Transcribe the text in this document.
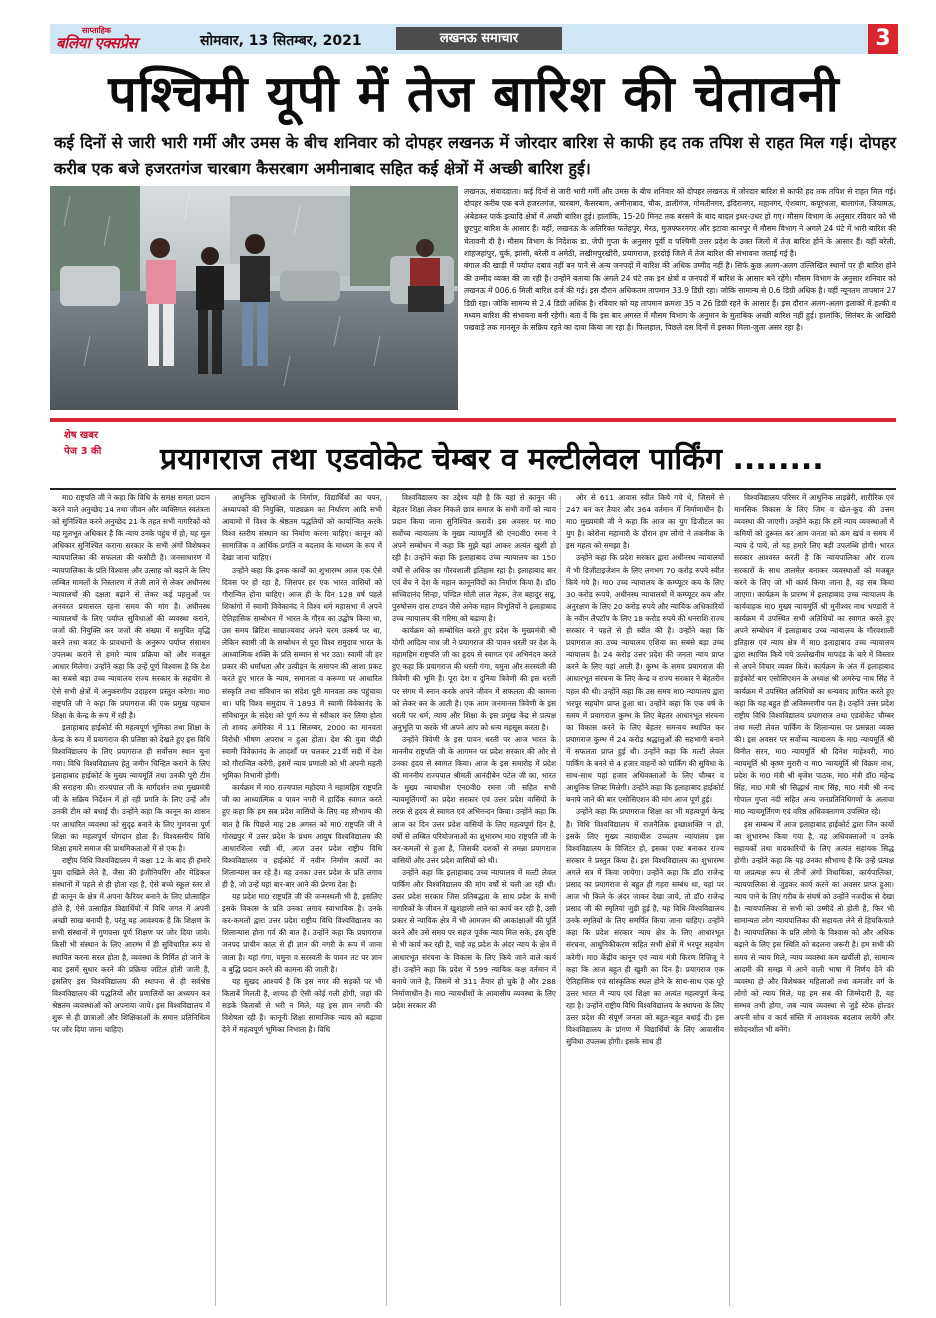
साप्ताहिक
बलिया एक्सप्रेस	सोमवार, 13 सितम्बर, 2021	लखनऊ समाचार	3
पश्चिमी यूपी में तेज बारिश की चेतावनी
कई दिनों से जारी भारी गर्मी और उमस के बीच शनिवार को दोपहर लखनऊ में जोरदार बारिश से काफी हद तक तपिश से राहत मिल गई। दोपहर करीब एक बजे हजरतगंज चारबाग कैसरबाग अमीनाबाद सहित कई क्षेत्रों में अच्छी बारिश हुई।
लखनऊ, संवाददाता। कई दिनों से जारी भारी गर्मी और उमस के बीच शनिवार को दोपहर लखनऊ में जोरदार बारिश से काफी हद तक तपिश से राहत मिल गई। दोपहर करीब एक बजे हजरतगंज, चारबाग, कैसरबाग, अमीनाबाद, चौक, डालीगंज, गोमतीनगर, इंदिरानगर, महानगर, ऐशबाग, कपूरथला, बालागंज, जियामऊ, अंबेडकर पार्क इत्यादि क्षेत्रों में अच्छी बारिश हुई। हालांकि, 15-20 मिनट तक बरसने के बाद बादल इधर-उधर हो गए। मौसम विभाग के अनुसार रविवार को भी छुटपुट बारिश के आसार हैं। वहीं, लखनऊ के अतिरिक्त फतेहपुर, मेरठ, मुजफ्फरनगर और इटावा कानपुर में मौसम विभाग ने अगले 24 घंटे में भारी बारिश की चेतावनी दी है। मौसम विभाग के निदेशक डा. जेपी गुप्ता के अनुसार पूर्वी व पश्चिमी उत्तर प्रदेश के उक्त जिलों में तेज बारिश होने के आसार हैं। वहीं बरेली, शाहजहांपुर, चुर्क, झांसी, बरेली व अमेठी, लखीमपुरखीरी, प्रयागराज, हरदोई जिले में तेज बारिश की संभावना जताई गई है।
बंगाल की खाड़ी में पर्याप्त दबाव नहीं बन पाने से अन्य जनपदों में बारिश की अधिक उम्मीद नहीं है। सिर्फ कुछ अलग-अलग उल्लिखित स्थानों पर ही बारिश होने की उम्मीद व्यक्त की जा रही है। उन्होंने बताया कि अगले 24 घंटे तक इन क्षेत्रों व जनपदों में बारिश के आसार बने रहेंगे। मौसम विभाग के अनुसार शनिवार को लखनऊ में 006.6 मिली बारिश दर्ज की गई। इस दौरान अधिकतम तापमान 33.9 डिग्री रहा। जोकि सामान्य से 0.6 डिग्री अधिक है। वहीं न्यूनतम तापमान 27 डिग्री रहा। जोकि सामन्य से 2.4 डिग्री अधिक है। रविवार को यह तापमान क्रमशः 35 व 26 डिग्री रहने के आसार हैं। इस दौरान अलग-अलग इलाकों में हल्की व मध्यम बारिश की संभावना बनी रहेगी। बता दें कि इस बार अगस्त में मौसम विभाग के अनुमान के मुताबिक अच्छी बारिश नहीं हुई। हालांकि, सितंबर के आखिरी पखवाड़े तक मानसून के सक्रिय रहने का दावा किया जा रहा है। फिलहाल, पिछले दस दिनों में इसका मिला-जुला असर रहा है।
शेष खबर
पेज 3 की	प्रयागराज तथा एडवोकेट चेम्बर व मल्टीलेवल पार्किंग ........

मा0 राष्ट्रपति जी ने कहा कि विधि के समक्ष समता प्रदान करने वाले अनुच्छेद 14 तथा जीवन और व्यक्तिगत स्वतंत्रता को सुनिश्चित करने अनुच्छेद 21 के तहत सभी नागरिकों को यह मूलभूत अधिकार है कि न्याय उनके पहुंच में हो, यह मूल अधिकार सुनिश्चित कराना सरकार के सभी अंगों विशेषकर न्यायपालिका की सफलता की कसौटी है। जनसाधारण में न्यायपालिका के प्रति विश्वास और उत्साह को बढ़ाने के लिए लम्बित मामलों के निस्तारण में तेजी लाने से लेकर अधीनस्थ न्यायालयों की दक्षता बढ़ाने से लेकर कई पहलुओं पर अनवरत प्रयासरत रहना समय की मांग है। अधीनस्थ न्यायालयों के लिए पर्याप्त सुविधाओं की व्यवस्था कराने, जजों की नियुक्ति कर जजों की संख्या में समुचित वृद्धि करने तथा बजट के प्रावधानों के अनुरूप पर्याप्त संसाधन उपलब्ध कराने से हमारे न्याय प्रक्रिया को और मजबूत आधार मिलेगा। उन्होंने कहा कि उन्हें पूर्ण विश्वास है कि देश का सबसे बड़ा उच्च न्यायालय राज्य सरकार के सहयोग से ऐसे सभी क्षेत्रों में अनुकरणीय उदाहरण प्रस्तुत करेगा। मा0 राष्ट्रपति जी ने कहा कि प्रयागराज की एक प्रमुख पहचान शिक्षा के केन्द्र के रूप में रही है।

इलाहाबाद हाईकोर्ट की महत्वपूर्ण भूमिका तथा शिक्षा के केन्द्र के रूप में प्रयागराज की प्रतिष्ठा को देखते हुए इस विधि विश्वविद्यालय के लिए प्रयागराज ही सर्वोत्तम स्थान चुना गया। विधि विश्वविद्यालय हेतु जमीन चिन्हित कराने के लिए इलाहाबाद हाईकोर्ट के मुख्य न्यायमूर्ति तथा उनकी पूरी टीम की सराहना की। राज्यपाल जी के मार्गदर्शन तथा मुख्यमंत्री जी के सक्रिय निर्देशन में हो रही प्रगति के लिए उन्हें और उनकी टीम को बधाई दी। उन्होंने कहा कि कानून का शासन पर आधारित व्यवस्था को सुदृढ़ बनाने के लिए गुणवत्ता पूर्ण शिक्षा का महत्वपूर्ण योगदान होता है। विश्वस्तरीय विधि शिक्षा हमारे समाज की प्राथमिकताओं में से एक है।

राष्ट्रीय विधि विश्वविद्यालय में कक्षा 12 के बाद ही हमारे युवा दाखिले लेते है, जैसा की इंजीनियरिंग और मेडिकल संस्थानों में पहले से ही होता रहा है, ऐसे बच्चे स्कूल स्तर से ही कानून के क्षेत्र में अपना कैरियर बनाने के लिए प्रोत्साहित होते है, ऐसे उत्साहित विद्यार्थियों में विधि जगत में अपनी अच्छी साख बनायी है, परंतु यह आवश्यक है कि शिक्षण के सभी संस्थानों में गुणवत्ता पूर्ण शिक्षण पर जोर दिया जाये। किसी भी संस्थान के लिए आरम्भ में ही सुविचारित रूप से स्थापित करना सरल होता है, व्यवस्था के निर्मित हो जाने के बाद इसमें सुधार करने की प्रक्रिया जटिल होती जाती है, इसलिए इस विश्वविद्यालय की स्थापना से ही सर्वश्रेष्ठ विश्वविद्यालय की पद्धतियों और प्रणालियों का अध्ययन कर श्रेष्ठतम व्यवस्थाओं को अपनाया जाये। इस विश्वविद्यालय में शुरू से ही छात्राओं और शिक्षिकाओं के समान प्रतिनिधित्व पर जोर दिया जाना चाहिए।

आधुनिक सुविधाओं के निर्माण, विद्यार्थियों का चयन, अध्यापकों की नियुक्ति, पाठ्यक्रम का निर्धारण आदि सभी आयामों में विश्व के श्रेष्ठतम पद्धतियों को कार्यान्वित करके विश्व स्तरीय संस्थान का निर्माण करना चाहिए। कानून को सामाजिक व आर्थिक प्रगति व बदलाव के माध्यम के रूप में देखा जाना चाहिए।

उन्होंने कहा कि इनक कार्यों का शुभारम्भ आज एक ऐसे दिवस पर हो रहा है, जिसपर हर एक भारत वासियों को गौरान्वित होना चाहिए। आज ही के दिन 128 वर्ष पहले शिकांगो में स्वामी विवेकानंद ने विश्व धर्म महासभा में अपने ऐतिहासिक सम्बोधन में भारत के गौरव का उद्घोष किया था, उस समय ब्रिटिश साम्राज्यवाद अपने चरम उत्कर्ष पर था, लेकिन स्वामी जी के सम्बोधन से पूरा विश्व समुदाय भारत के आध्यात्मिक शक्ति के प्रति सम्मान से भर उठा। स्वामी जी हर प्रकार की धर्मांधता और उत्पीड़न के समापन की आशा प्रकट करते हुए भारत के न्याय, समानता व करूणा पर आधारित संस्कृति तथा संविधान का संदेश पूरी मानवता तक पहुंचाया था। यदि विश्व समुदाय ने 1893 में स्वामी विवेकानंद के संविधानूत के संदेश को पूर्ण रूप से स्वीकार कर लिया होता तो शायद अमेरिका में 11 सितम्बर, 2000 का मानवता विरोधी भीषण अपराध न हुआ होता। देश की युवा पीढ़ी स्वामी विवेकानंद के आदर्शों पर चलकर 21वीं सदी में देश को गौरान्वित करेंगी, इसमें न्याय प्रणाली को भी अपनी महती भूमिका निभानी होगी।

कार्यक्रम में मा0 राज्यपाल महोदया ने महामहिम राष्ट्रपति जी का आध्यात्मिक व पावन नगरी में हार्दिक स्वागत करते हुए कहा कि हम सब प्रदेश वासियों के लिए यह सौभाग्य की बात है कि पिछले माह 28 अगस्त को मा0 राष्ट्रपति जी ने गोरखपुर में उत्तर प्रदेश के प्रथम आयुष विश्वविद्यालय की आधारशिला रखी थी, आज उत्तर प्रदेश राष्ट्रीय विधि विश्वविद्यालय व हाईकोर्ट में नवीन निर्माण कार्यों का शिलान्यास कर रहे है। यह उनका उत्तर प्रदेश के प्रति लगाव ही है, जो उन्हें यहां बार-बार आने की प्रेरणा देता है।

यह प्रदेश मा0 राष्ट्रपति जी की जन्मस्थली भी है, इसलिए इसके विकास के प्रति उनका लगाव स्वाभाविक है। उनके कर-कमलों द्वारा उत्तर प्रदेश राष्ट्रीय विधि विश्वविद्यालय का शिलान्यास होना गर्व की बात है। उन्होंने कहा कि प्रयागराज जनपद प्राचीन काल से ही ज्ञान की नगरी के रूप में जाना जाता है। यहां गंगा, यमुना व सरस्वती के पावन तट पर ज्ञान व बुद्धि प्रदान करने की कामना की जाती है।

यह सुखद आश्चर्य है कि इस नगर की सड़कों पर भी किताबें मिलती है, शायद ही ऐसी कोई गली होगी, जहां की सड़कें किताबों से भरी न मिले, यह इस ज्ञान नगरी की विशेषता रही है। कानूनी शिक्षा सामाजिक न्याय को बढ़ावा देने में महत्वपूर्ण भूमिका निभाता है। विधि

विश्वविद्यालय का उद्देश्य यही है कि यहां से कानून की बेहतर शिक्षा लेकर निकले छात्र समाज के सभी वर्गों को न्याय प्रदान किया जाना सुनिश्चित करायें। इस अवसर पर मा0 सर्वोच्च न्यायालय के मुख्य न्यायमूर्ति श्री एन0वी0 रमना ने अपने सम्बोधन में कहा कि मुझे यहां आकर अत्यंत खुशी हो रही है। उन्होंने कहा कि इलाहाबाद उच्च न्यायालय का 150 वर्षों से अधिक का गौरवशाली इतिहास रहा है। इलाहाबाद बार एवं बेंच ने देश के महान कानूनविदों का निर्माण किया है। डॉ0 सच्चिदानंद सिन्हा, पण्डित मोती लाल नेहरू, तेज बहादुर सप्रू, पुरुषोत्तम दास टण्डन जैसे अनेक महान विभूतियों ने इलाहाबाद उच्च न्यायालय की गरिमा को बढ़ाया है।

कार्यक्रम को सम्बोधित करते हुए प्रदेश के मुख्यमंत्री श्री योगी आदित्य नाथ जी ने प्रयागराज की पावन धरती पर देश के महामहिम राष्ट्रपति जी का हृदय से स्वागत एवं अभिनंदन करते हुए कहा कि प्रयागराज की धरती गंगा, यमुना और सरस्वती की त्रिवेणी की भूमि है। पूरा देश व दुनिया त्रिवेणी की इस धरती पर संगम में स्नान करके अपने जीवन में सफलता की कामना को लेकर कर के आती है। एक आम जनमानस त्रिवेणी के इस धरती पर धर्म, न्याय और शिक्षा के इस प्रमुख केंद्र से प्रत्यक्ष अनुभूति पा करके भी अपने आप को धन्य महसूस करता है।

उन्होंने त्रिवेणी के इस पावन धरती पर आज भारत के माननीय राष्ट्रपति जी के आगमन पर प्रदेश सरकार की ओर से उनका हृदय से स्वागत किया। आज के इस समारोह में प्रदेश की माननीय राज्यपाल श्रीमती आनंदीबेन पटेल जी का, भारत के मुख्य न्यायाधीश एन0वी0 रमना जी सहित सभी न्यायमूर्तिगणों का प्रदेश सरकार एवं उत्तर प्रदेश वासियों के तरफ से हृदय से स्वागत एवं अभिनन्दन किया। उन्होंने कहा कि आज का दिन उत्तर प्रदेश वासियों के लिए महत्वपूर्ण दिन है, वर्षों से लम्बित परियोजनाओं का शुभारम्भ मा0 राष्ट्रपति जी के कर-कमलों से हुआ है, जिसकी दशकों से तमन्ना प्रयागराज वासियों और उत्तर प्रदेश वासियों को थी।

उन्होंने कहा कि इलाहाबाद उच्च न्यायालय में मल्टी लेवल पार्किंग और विश्वविद्यालय की मांग वर्षों से चली आ रही थी। उत्तर प्रदेश सरकार जिस प्रतिबद्धता के साथ प्रदेश के सभी नागरिकों के जीवन में खुशहाली लाने का कार्य कर रही है, उसी प्रकार से न्यायिक क्षेत्र में भी आमजन की आकांक्षाओं की पूर्ति करने और उसे समय पर सहज पूर्वक न्याय मिल सके, इस दृष्टि से भी कार्य कर रही है, चाहे वह प्रदेश के अंदर न्याय के क्षेत्र में आधारभूत संरचना के विकास के लिए किये जाने वाले कार्य हो। उन्होंने कहा कि प्रदेश में 599 न्यायिक कक्ष वर्तमान में बनाये जाने है, जिसमें से 311 तैयार हो चुके है और 288 निर्माणाधीन है। मा0 न्यायधीशों के आवासीय व्यवस्था के लिए प्रदेश सरकार की

ओर से 611 आवास स्वीत किये गये थे, जिसमें से 247 बन कर तैयार और 364 वर्तमान में निर्माणाधीन है। मा0 मुख्यमंत्री जी ने कहा कि आज का युग डिजीटल का युग है। कोरोना महामारी के दौरान हम लोगो ने तकनीक के इस महत्व को समझा है।

उन्होंने कहा कि प्रदेश सरकार द्वारा अधीनस्थ न्यायालयों में भी डिजीटाइजेशन के लिए लगभग 70 करोड़ रुपये स्वीत किये गये है। मा0 उच्च न्यायालय के कम्प्यूटर कय के लिए 30 करोड़ रूपये, अधीनस्थ न्यायालयों में कम्प्यूटर कय और अनुरक्षण के लिए 20 करोड़ रुपये और न्यायिक अधिकारियों के नवीन लैपटॉप के लिए 18 करोड़ रुपये की धनराशि राज्य सरकार ने पहले से ही स्वीत की है। उन्होंने कहा कि प्रयागराज का उच्च न्यायालय एशिया का सबसे बड़ा उच्च न्यायालय है। 24 करोड़ उत्तर प्रदेश की जनता न्याय प्राप्त करने के लिए यहां आती है। कुम्भ के समय प्रयागराज की आधारभूत संरचना के लिए केन्द्र व राज्य सरकार ने बेहतरीन पहल की थी। उन्होंने कहा कि उस समय मा0 न्यायालय द्वारा भरपूर सहयोग प्राप्त हुआ था। उन्होंने कहा कि एक वर्ष के समय में प्रयागराज कुम्भ के लिए बेहतर आधारभूत संरचना का विकास करने के लिए बेहतर समन्वय स्थापित कर प्रयागराज कुम्भ में 24 करोड़ श्रद्धालुओं की सहभागी बनाने में सफलता प्राप्त हुई थी। उन्होंने कहा कि मल्टी लेवल पार्किंग के बनने से 4 हजार वाहनों को पार्किंग की सुविधा के साथ-साथ यहां हजार अधिवक्ताओं के लिए चौम्बर व आधुनिक लिफ्ट मिलेगी। उन्होंने कहा कि इलाहाबाद हाईकोर्ट बनाये जाने की बार एसोसिएशन की मांग आज पूर्ण हुई।

उन्होंने कहा कि प्रयागराज शिक्षा का भी महत्वपूर्ण केन्द्र है। विधि विश्वविद्यालय में राजनैतिक इच्छाशक्ति न हो, इसके लिए मुख्य न्यायाधीश उच्चतम न्यायालय इस विश्वविद्यालय के विजिटर हो, इसका एक्ट बनाकर राज्य सरकार ने प्रस्तुत किया है। इस विश्वविद्यालय का शुभारम्भ अगले सत्र में किया जायेगा। उन्होंने कहा कि डॉ0 राजेन्द्र प्रसाद का प्रयागराज से बहुत ही गहरा सम्बंध था, यहां पर आज भी किले के अंदर जाकर देखा जाये, तो डॉ0 राजेन्द्र प्रसाद जी की स्मृतियां जुड़ी हुई है, यह विधि विश्वविद्यालय उनके स्मृतियों के लिए समर्पित किया जाना चाहिए। उन्होंने कहा कि प्रदेश सरकार न्याय क्षेत्र के लिए आधारभूत संरचना, आधुनिकीकरण सहित सभी क्षेत्रों में भरपूर सहयोग करेगी। मा0 केंद्रीय कानून एवं न्याय मंत्री किरण रिजिजू ने कहा कि आज बहुत ही खुशी का दिन है। प्रयागराज एक ऐतिहासिक एवं सांस्कृतिक स्थल होने के साथ-साथ एक पूरे उत्तर भारत में न्याय एवं शिक्षा का अत्यंत महत्वपूर्ण केन्द्र रहा है। उन्होंने राष्ट्रीय विधि विश्वविद्यालय के स्थापना के लिए उत्तर प्रदेश की संपूर्ण जनता को बहुत-बहुत बधाई दी। इस विश्वविद्यालय के प्रांगण में विद्यार्थियों के लिए आवासीय सुविधा उपलब्ध होगी। इसके साथ ही

विश्वविद्यालय परिसर में आधुनिक लाइब्रेरी, शारीरिक एवं मानसिक विकास के लिए जिम व खेल-कूद की उत्तम व्यवस्था की जाएगी। उन्होंने कहा कि हमें न्याय व्यवस्थाओं में कमियों को दुरूस्त कर आम जनता को कम खर्च व समय में न्याय दे पाये, तो यह हमारे लिए बड़ी उपलब्धि होगी। भारत सरकार आश्वस्त करती है कि न्यायपालिका और राज्य सरकारों के साथ तालमेल बनाकर व्यवस्थाओं को मजबूत करने के लिए जो भी कार्य किया जाना है, वह सब किया जाएगा। कार्यक्रम के प्रारम्भ में इलाहाबाद उच्च न्यायालय के कार्यवाहक मा0 मुख्य न्यायमूर्ति श्री मुनीश्वर नाथ भण्डारी ने कार्यक्रम में उपस्थित सभी अतिथियों का स्वागत करते हुए अपने सम्बोधन में इलाहाबाद उच्च न्यायालय के गौरवशाली इतिहास एवं न्याय क्षेत्र में मा0 इलाहाबाद उच्च न्यायालय द्वारा स्थापित किये गये उल्लेखनीय मापदंड के बारे में विस्तार से अपने विचार व्यक्त किये। कार्यक्रम के अंत में इलाहाबाद हाईकोर्ट बार एसोसिएशन के अध्यक्ष श्री अमरेन्द्र नाथ सिंह ने कार्यक्रम में उपस्थित अतिथियों का धन्यवाद ज्ञापित करते हुए कहा कि यह बहुत ही अविस्मरणीय पल है। उन्होंने उत्तर प्रदेश राष्ट्रीय विधि विश्वविद्यालय प्रयागराज तथा एडवोकेट चौम्बर तथा मल्टी लेवल पार्किंग के शिलान्यास पर प्रसन्नता व्यक्त की। इस अवसर पर सर्वोच्च न्यायालय के मा0 न्यायमूर्ति श्री विनीत सरन, मा0 न्यायमूर्ति श्री दिनेश माहेश्वरी, मा0 न्यायमूर्ति श्री कृष्ण मुरारी व मा0 न्यायमूर्ति श्री विक्रम नाथ, प्रदेश के मा0 मंत्री श्री बृजेश पाठक, मा0 मंत्री डॉ0 महेन्द्र सिंह, मा0 मंत्री श्री सिद्धार्थ नाथ सिंह, मा0 मंत्री श्री नन्द गोपाल गुप्ता नंदी सहित अन्य जनप्रतिनिधिगणों के अलावा मा0 न्यायमूर्तिगण एवं वरिष्ठ अधिवक्तागण उपस्थित रहे।

इस सम्बन्ध में आज इलाहाबाद हाईकोर्ट द्वारा जिन कार्यो का शुभारम्भ किया गया है, वह अधिवक्ताओं व उनके सहायकों तथा वादकारियों के लिए अत्यंत सहायक सिद्ध होगी। उन्होंने कहा कि यह उनका सौभाग्य है कि उन्हें प्रत्यक्ष या अप्रत्यक्ष रूप से तीनों अंगों विधायिका, कार्यपालिका, न्यायपालिका से जुड़कर कार्य करने का अवसर प्राप्त हुआ। न्याय पाने के लिए गरीब के संघर्ष को उन्होंने नजदीक से देखा है। न्यायपालिका से सभी को उम्मीदें तो होती है, फिर भी सामान्यतः लोग न्यायपालिका की सहायता लेने से हिचकिचाते है। न्यायपालिका के प्रति लोगो के विश्वास को और अधिक बढ़ाने के लिए इस स्थिति को बदलना जरूरी है। हम सभी की समय से न्याय मिले, न्याय व्यवस्था कम खर्चीली हो, सामान्य आदमी की समझ में आने वाली भाषा में निर्णय देने की व्यवस्था हो और विशेषकर महिलाओं तथा कमजोर वर्ग के लोगो को न्याय मिले, यह हम सब की जिम्मेदारी है, यह सम्भव तभी होगा, जब न्याय व्यवस्था से जुड़े स्टेक होल्डर अपनी सोच व कार्य संस्ति में आवश्यक बदलाव लायेंगे और संवेदनशील भी बनेंगे।
